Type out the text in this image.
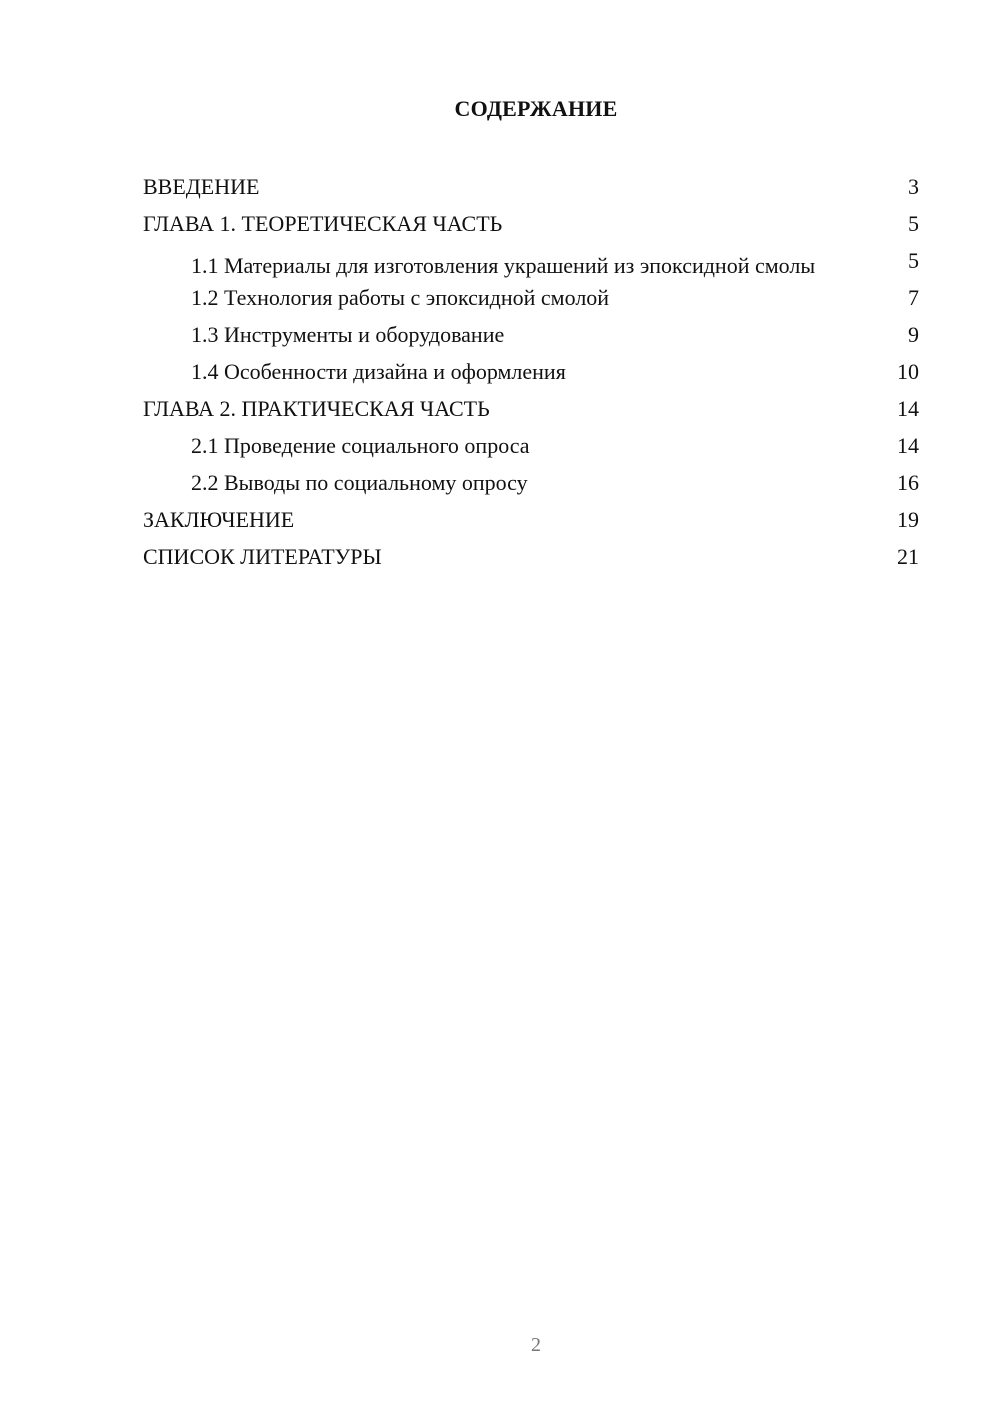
СОДЕРЖАНИЕ
ВВЕДЕНИЕ	3
ГЛАВА 1. ТЕОРЕТИЧЕСКАЯ ЧАСТЬ	5
1.1 Материалы для изготовления украшений из эпоксидной смолы	5
1.2 Технология работы с эпоксидной смолой	7
1.3 Инструменты и оборудование	9
1.4 Особенности дизайна и оформления	10
ГЛАВА 2. ПРАКТИЧЕСКАЯ ЧАСТЬ	14
2.1 Проведение социального опроса	14
2.2 Выводы по социальному опросу	16
ЗАКЛЮЧЕНИЕ	19
СПИСОК ЛИТЕРАТУРЫ	21
2
